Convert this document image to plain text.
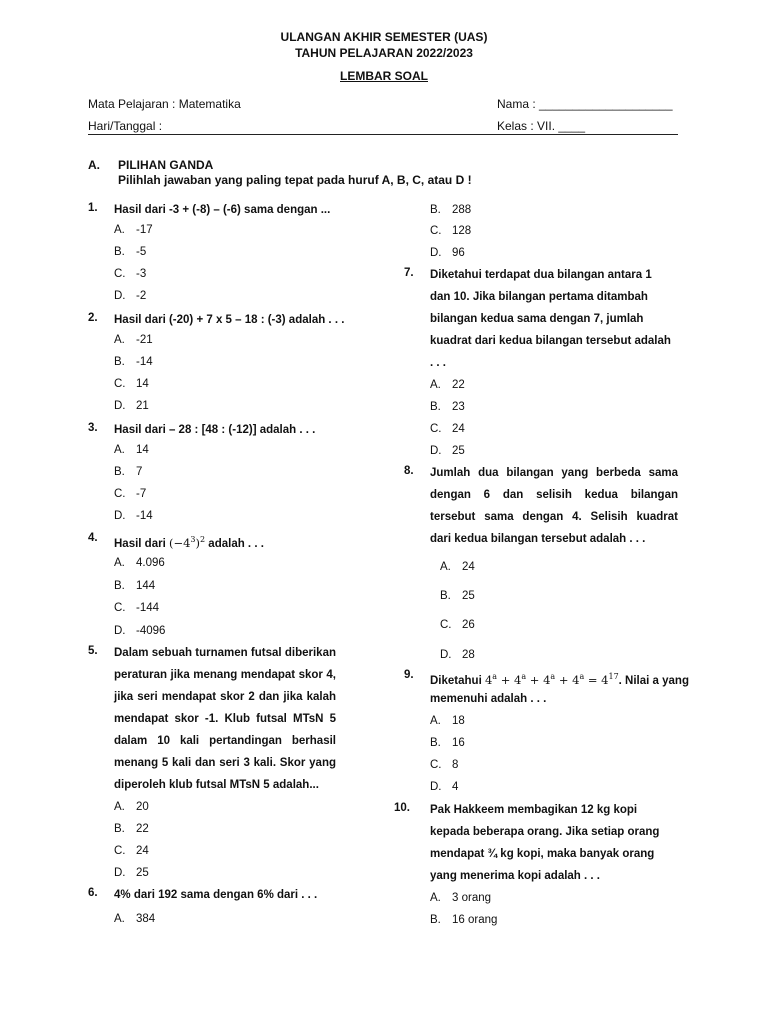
ULANGAN AKHIR SEMESTER (UAS)
TAHUN PELAJARAN 2022/2023
LEMBAR SOAL
Mata Pelajaran : Matematika
Hari/Tanggal :
Nama : ____________________
Kelas : VII. ____
A. PILIHAN GANDA
Pilihlah jawaban yang paling tepat pada huruf A, B, C, atau D !
1. Hasil dari -3 + (-8) – (-6) sama dengan ...
A. -17
B. -5
C. -3
D. -2
2. Hasil dari (-20) + 7 x 5 – 18 : (-3) adalah . . .
A. -21
B. -14
C. 14
D. 21
3. Hasil dari – 28 : [48 : (-12)] adalah . . .
A. 14
B. 7
C. -7
D. -14
4. Hasil dari $(-4^3)^2$ adalah . . .
A. 4.096
B. 144
C. -144
D. -4096
5. Dalam sebuah turnamen futsal diberikan
peraturan jika menang mendapat skor 4,
jika seri mendapat skor 2 dan jika kalah
mendapat skor -1. Klub futsal MTsN 5
dalam 10 kali pertandingan berhasil
menang 5 kali dan seri 3 kali. Skor yang
diperoleh klub futsal MTsN 5 adalah...
A. 20
B. 22
C. 24
D. 25
6. 4% dari 192 sama dengan 6% dari . . .
A. 384
B. 288
C. 128
D. 96
7. Diketahui terdapat dua bilangan antara 1
dan 10. Jika bilangan pertama ditambah
bilangan kedua sama dengan 7, jumlah
kuadrat dari kedua bilangan tersebut adalah
. . .
A. 22
B. 23
C. 24
D. 25
8. Jumlah dua bilangan yang berbeda sama
dengan 6 dan selisih kedua bilangan
tersebut sama dengan 4. Selisih kuadrat
dari kedua bilangan tersebut adalah . . .
A. 24
B. 25
C. 26
D. 28
9. Diketahui $4^a + 4^a + 4^a + 4^a = 4^{17}$. Nilai a yang
memenuhi adalah . . .
A. 18
B. 16
C. 8
D. 4
10. Pak Hakkeem membagikan 12 kg kopi
kepada beberapa orang. Jika setiap orang
mendapat ¾ kg kopi, maka banyak orang
yang menerima kopi adalah . . .
A. 3 orang
B. 16 orang
